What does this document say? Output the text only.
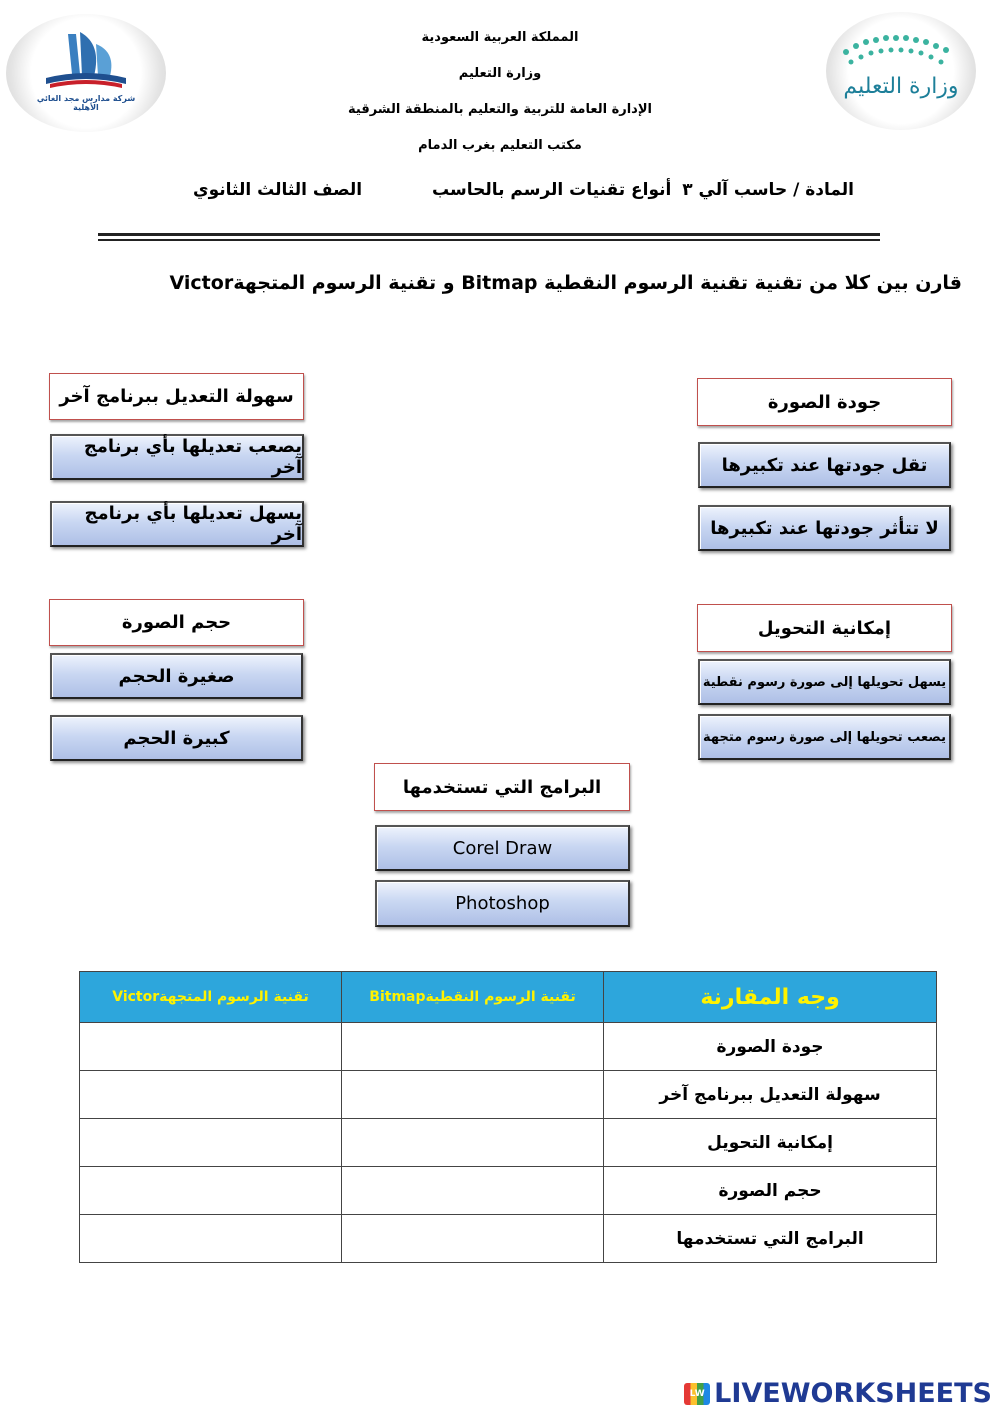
وزارة التعليم
شركة مدارس مجد الغائي الأهلية
المملكة العربية السعودية
وزارة التعليم
الإدارة العامة للتربية والتعليم بالمنطقة الشرقية
مكتب التعليم بغرب الدمام
المادة / حاسب آلي ٣
أنواع تقنيات الرسم بالحاسب
الصف الثالث الثانوي
قارن بين كلا من تقنية تقنية الرسوم النقطية Bitmap و تقنية الرسوم المتجهةVictor
جودة الصورة
تقل جودتها عند تكبيرها
لا تتأثر جودتها عند تكبيرها
سهولة التعديل ببرنامج آخر
يصعب تعديلها بأي برنامج آخر
يسهل تعديلها بأي برنامج آخر
إمكانية التحويل
يسهل تحويلها إلى صورة رسوم نقطية
يصعب تحويلها إلى صورة رسوم متجهة
حجم الصورة
صغيرة الحجم
كبيرة الحجم
البرامج التي تستخدمها
Corel Draw
Photoshop
وجه المقارنة	تقنية الرسوم النقطيةBitmap	تقنية الرسوم المتجهةVictor
جودة الصورة		
سهولة التعديل ببرنامج آخر		
إمكانية التحويل		
حجم الصورة		
البرامج التي تستخدمها		
LW LIVEWORKSHEETS
